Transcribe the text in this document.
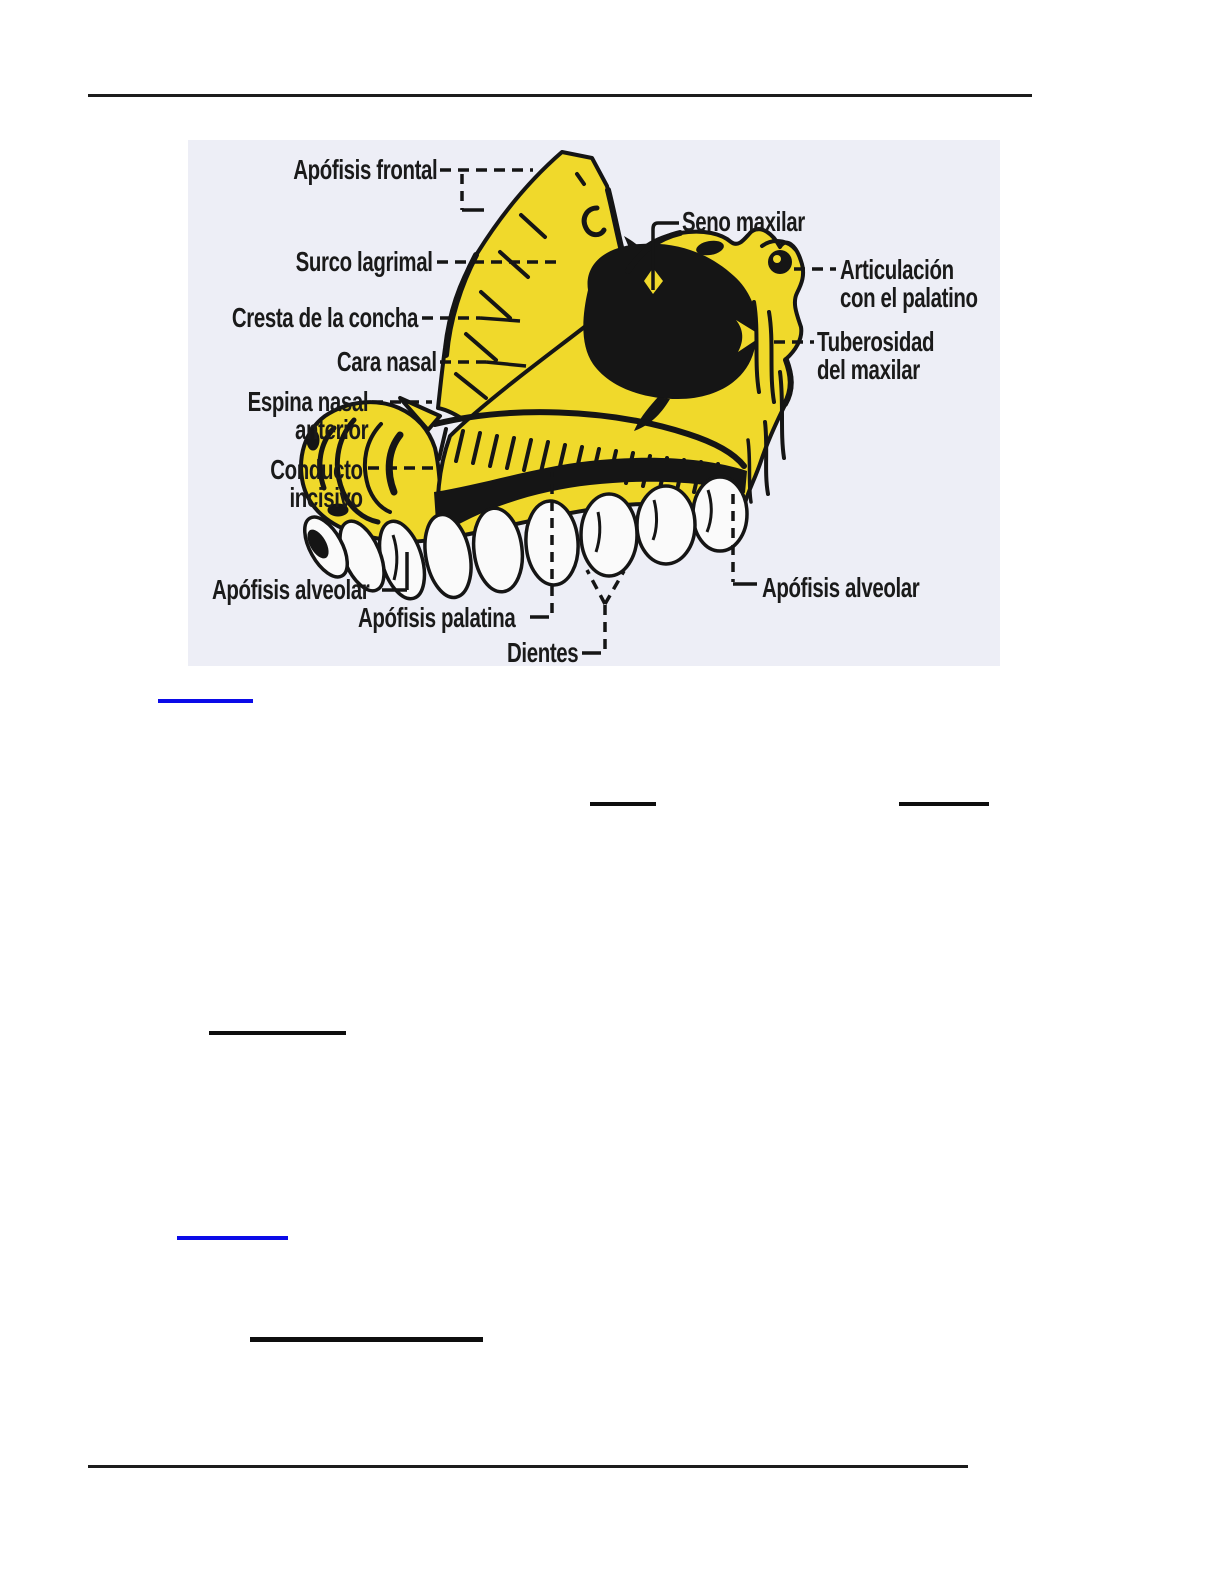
Apófisis frontal
Seno maxilar
Surco lagrimal	Articulación
con el palatino
Cresta de la concha
Tuberosidad
del maxilar
Cara nasal
Espina nasal
anterior
Conducto
incisivo
Apófisis alveolar
Apófisis palatina
Dientes
Apófisis alveolar
